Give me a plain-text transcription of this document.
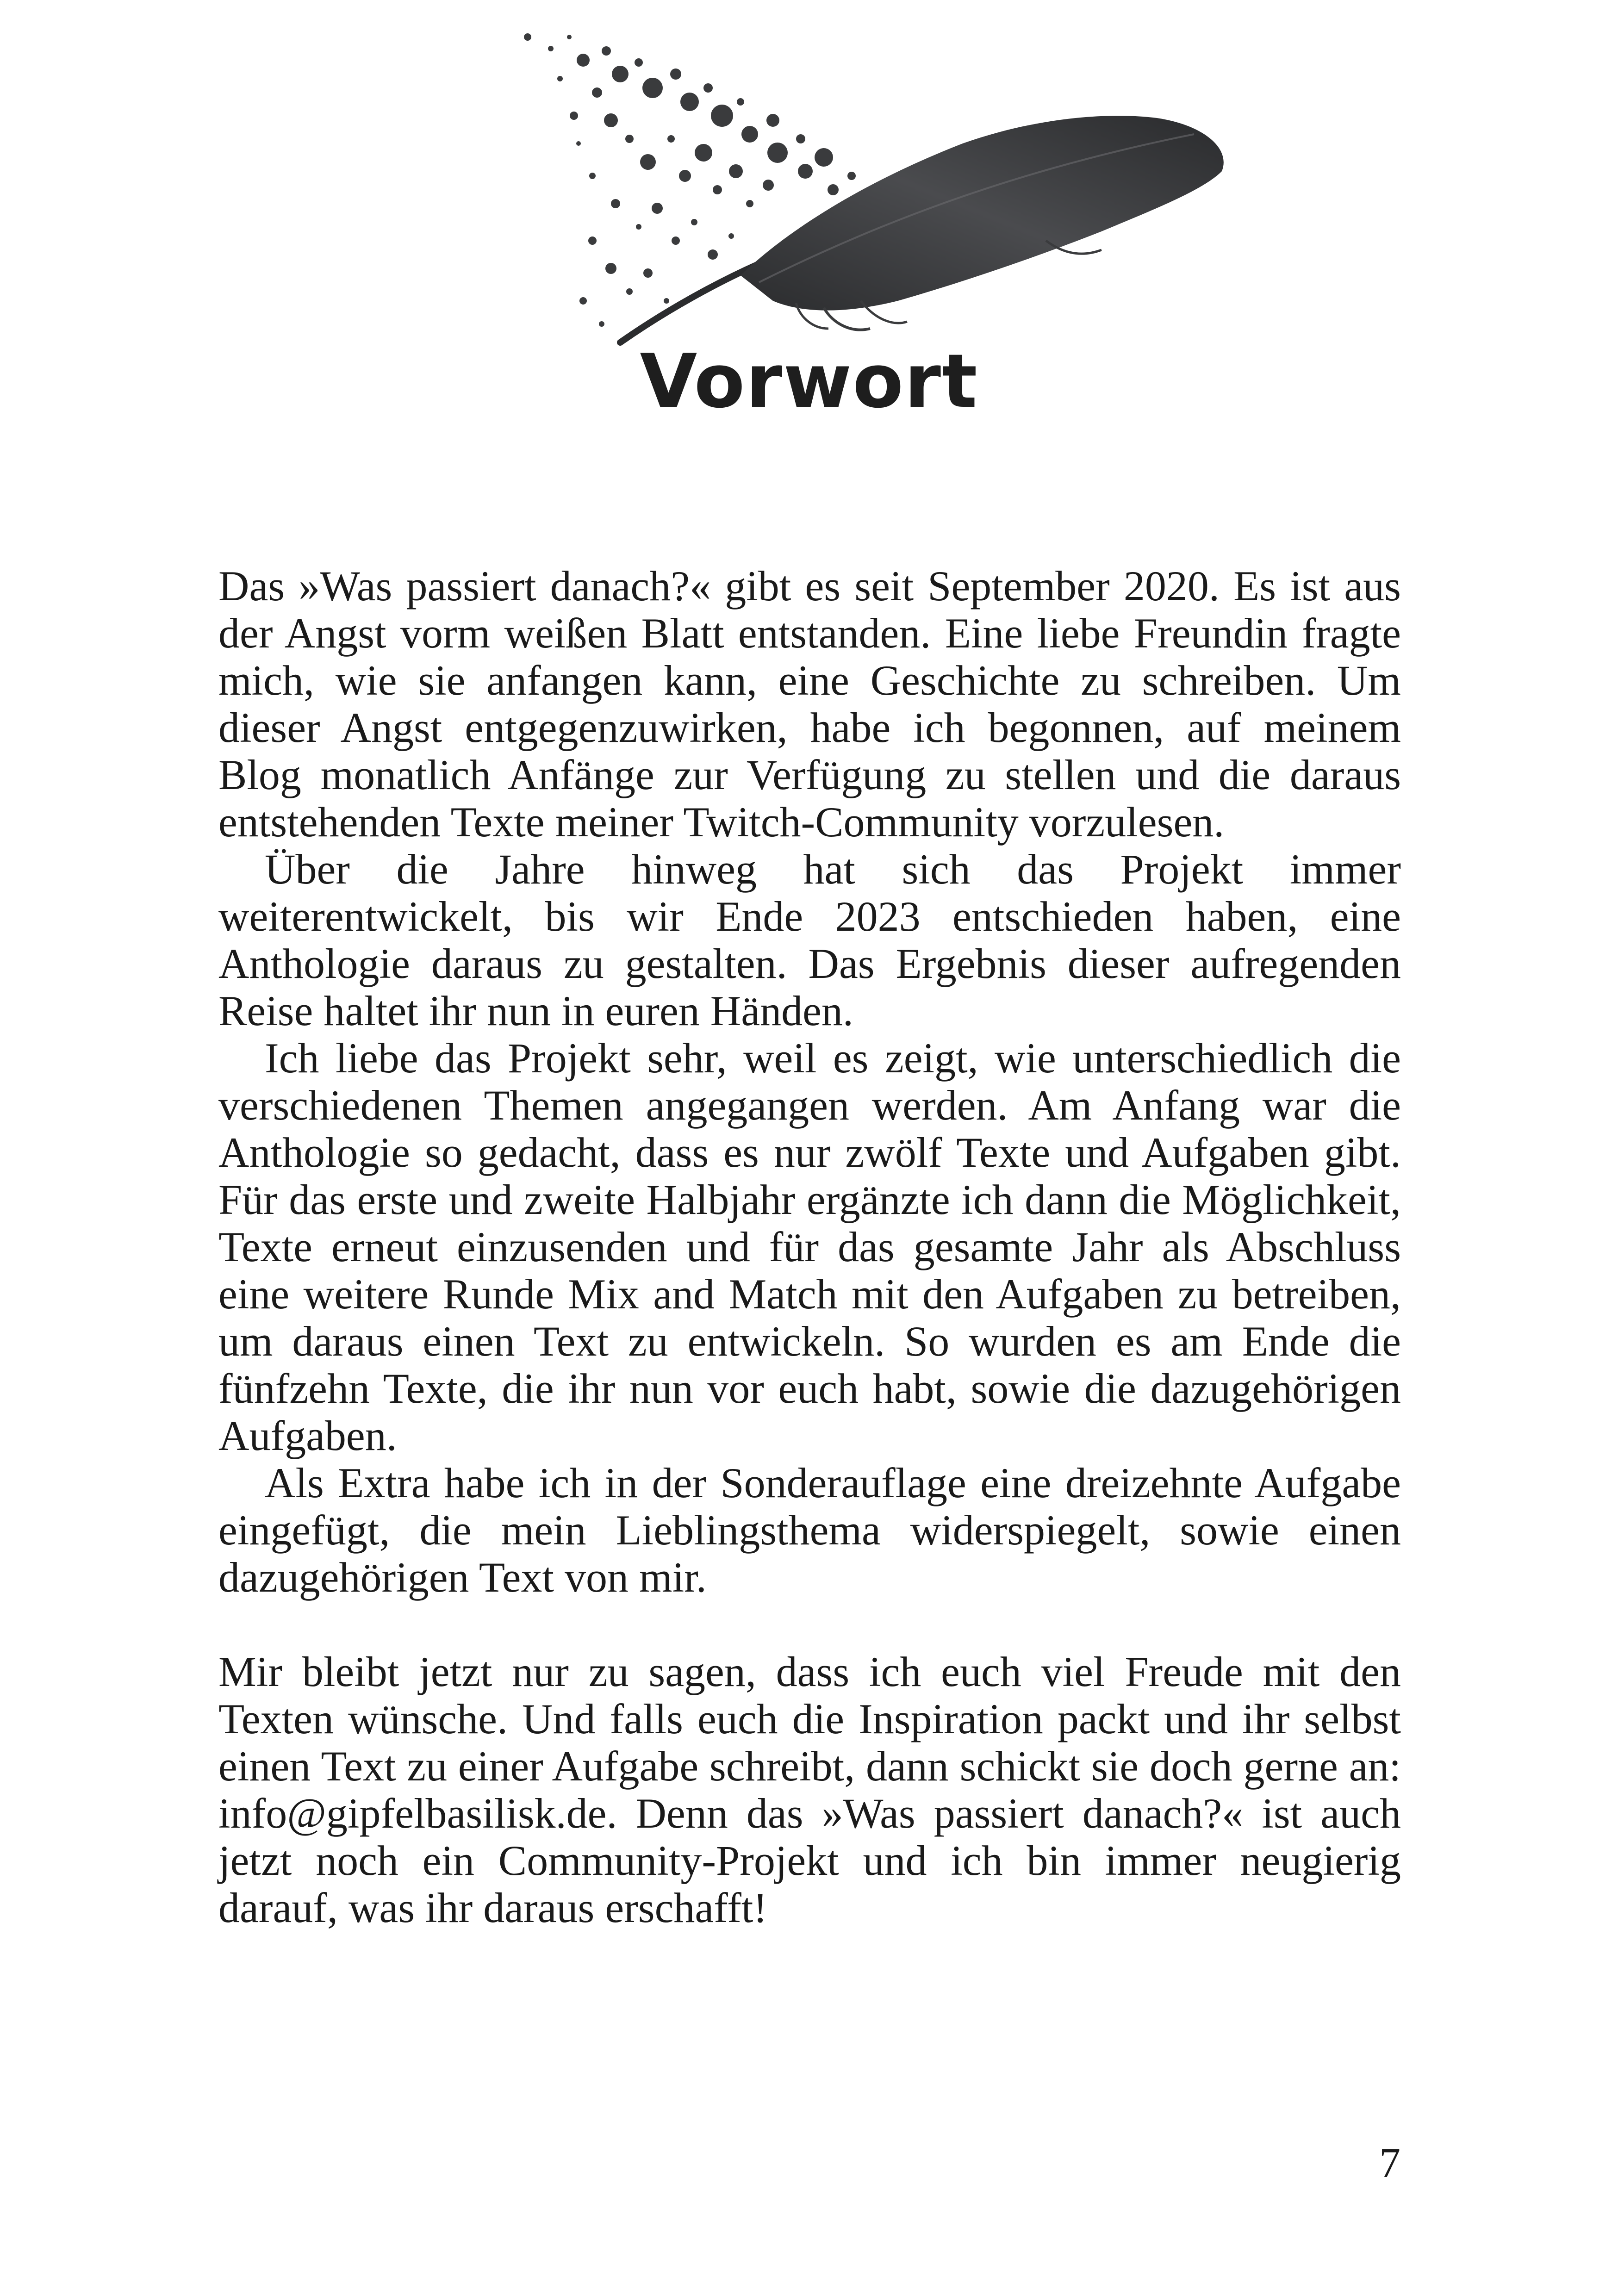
Vorwort

Das »Was passiert danach?« gibt es seit September 2020. Es ist aus der Angst vorm weißen Blatt entstanden. Eine liebe Freundin fragte mich, wie sie anfangen kann, eine Geschichte zu schreiben. Um dieser Angst entgegenzuwirken, habe ich begonnen, auf meinem Blog monatlich Anfänge zur Verfügung zu stellen und die daraus entstehenden Texte meiner Twitch-Community vorzulesen.

Über die Jahre hinweg hat sich das Projekt immer weiterentwickelt, bis wir Ende 2023 entschieden haben, eine Anthologie daraus zu gestalten. Das Ergebnis dieser aufregenden Reise haltet ihr nun in euren Händen.

Ich liebe das Projekt sehr, weil es zeigt, wie unterschiedlich die verschiedenen Themen angegangen werden. Am Anfang war die Anthologie so gedacht, dass es nur zwölf Texte und Aufgaben gibt. Für das erste und zweite Halbjahr ergänzte ich dann die Möglichkeit, Texte erneut einzusenden und für das gesamte Jahr als Abschluss eine weitere Runde Mix and Match mit den Aufgaben zu betreiben, um daraus einen Text zu entwickeln. So wurden es am Ende die fünfzehn Texte, die ihr nun vor euch habt, sowie die dazugehörigen Aufgaben.

Als Extra habe ich in der Sonderauflage eine dreizehnte Aufgabe eingefügt, die mein Lieblingsthema widerspiegelt, sowie einen dazugehörigen Text von mir.

Mir bleibt jetzt nur zu sagen, dass ich euch viel Freude mit den Texten wünsche. Und falls euch die Inspiration packt und ihr selbst einen Text zu einer Aufgabe schreibt, dann schickt sie doch gerne an: info@gipfelbasilisk.de. Denn das »Was passiert danach?« ist auch jetzt noch ein Community-Projekt und ich bin immer neugierig darauf, was ihr daraus erschafft!

7
